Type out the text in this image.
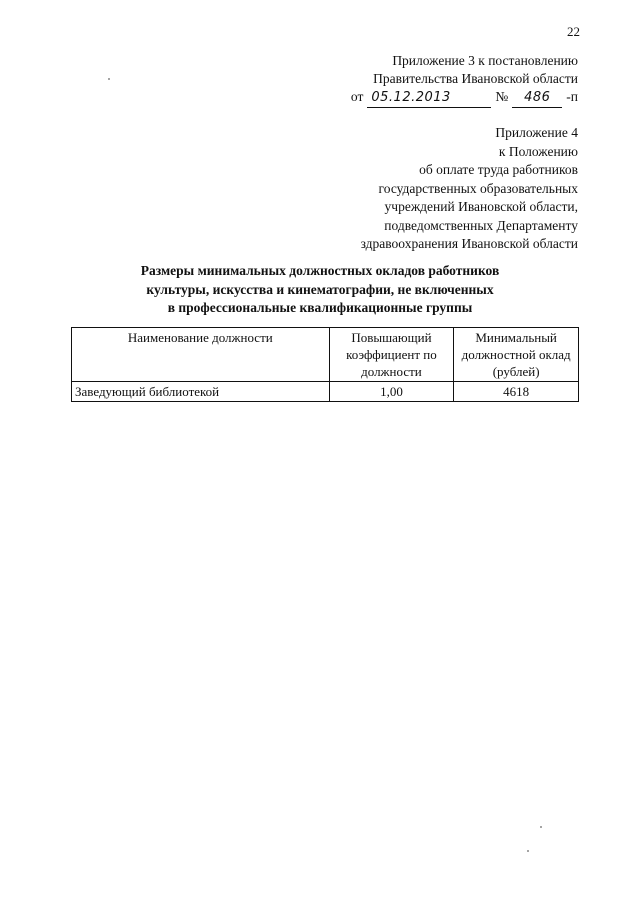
22
Приложение 3 к постановлению
Правительства Ивановской области
от 05.12.2013	№	486	-п
Приложение 4
к Положению
об оплате труда работников
государственных образовательных
учреждений Ивановской области,
подведомственных Департаменту
здравоохранения Ивановской области
Размеры минимальных должностных окладов работников
культуры, искусства и кинематографии, не включенных
в профессиональные квалификационные группы
Наименование должности	Повышающий коэффициент по должности	Минимальный должностной оклад (рублей)
Заведующий библиотекой	1,00	4618
